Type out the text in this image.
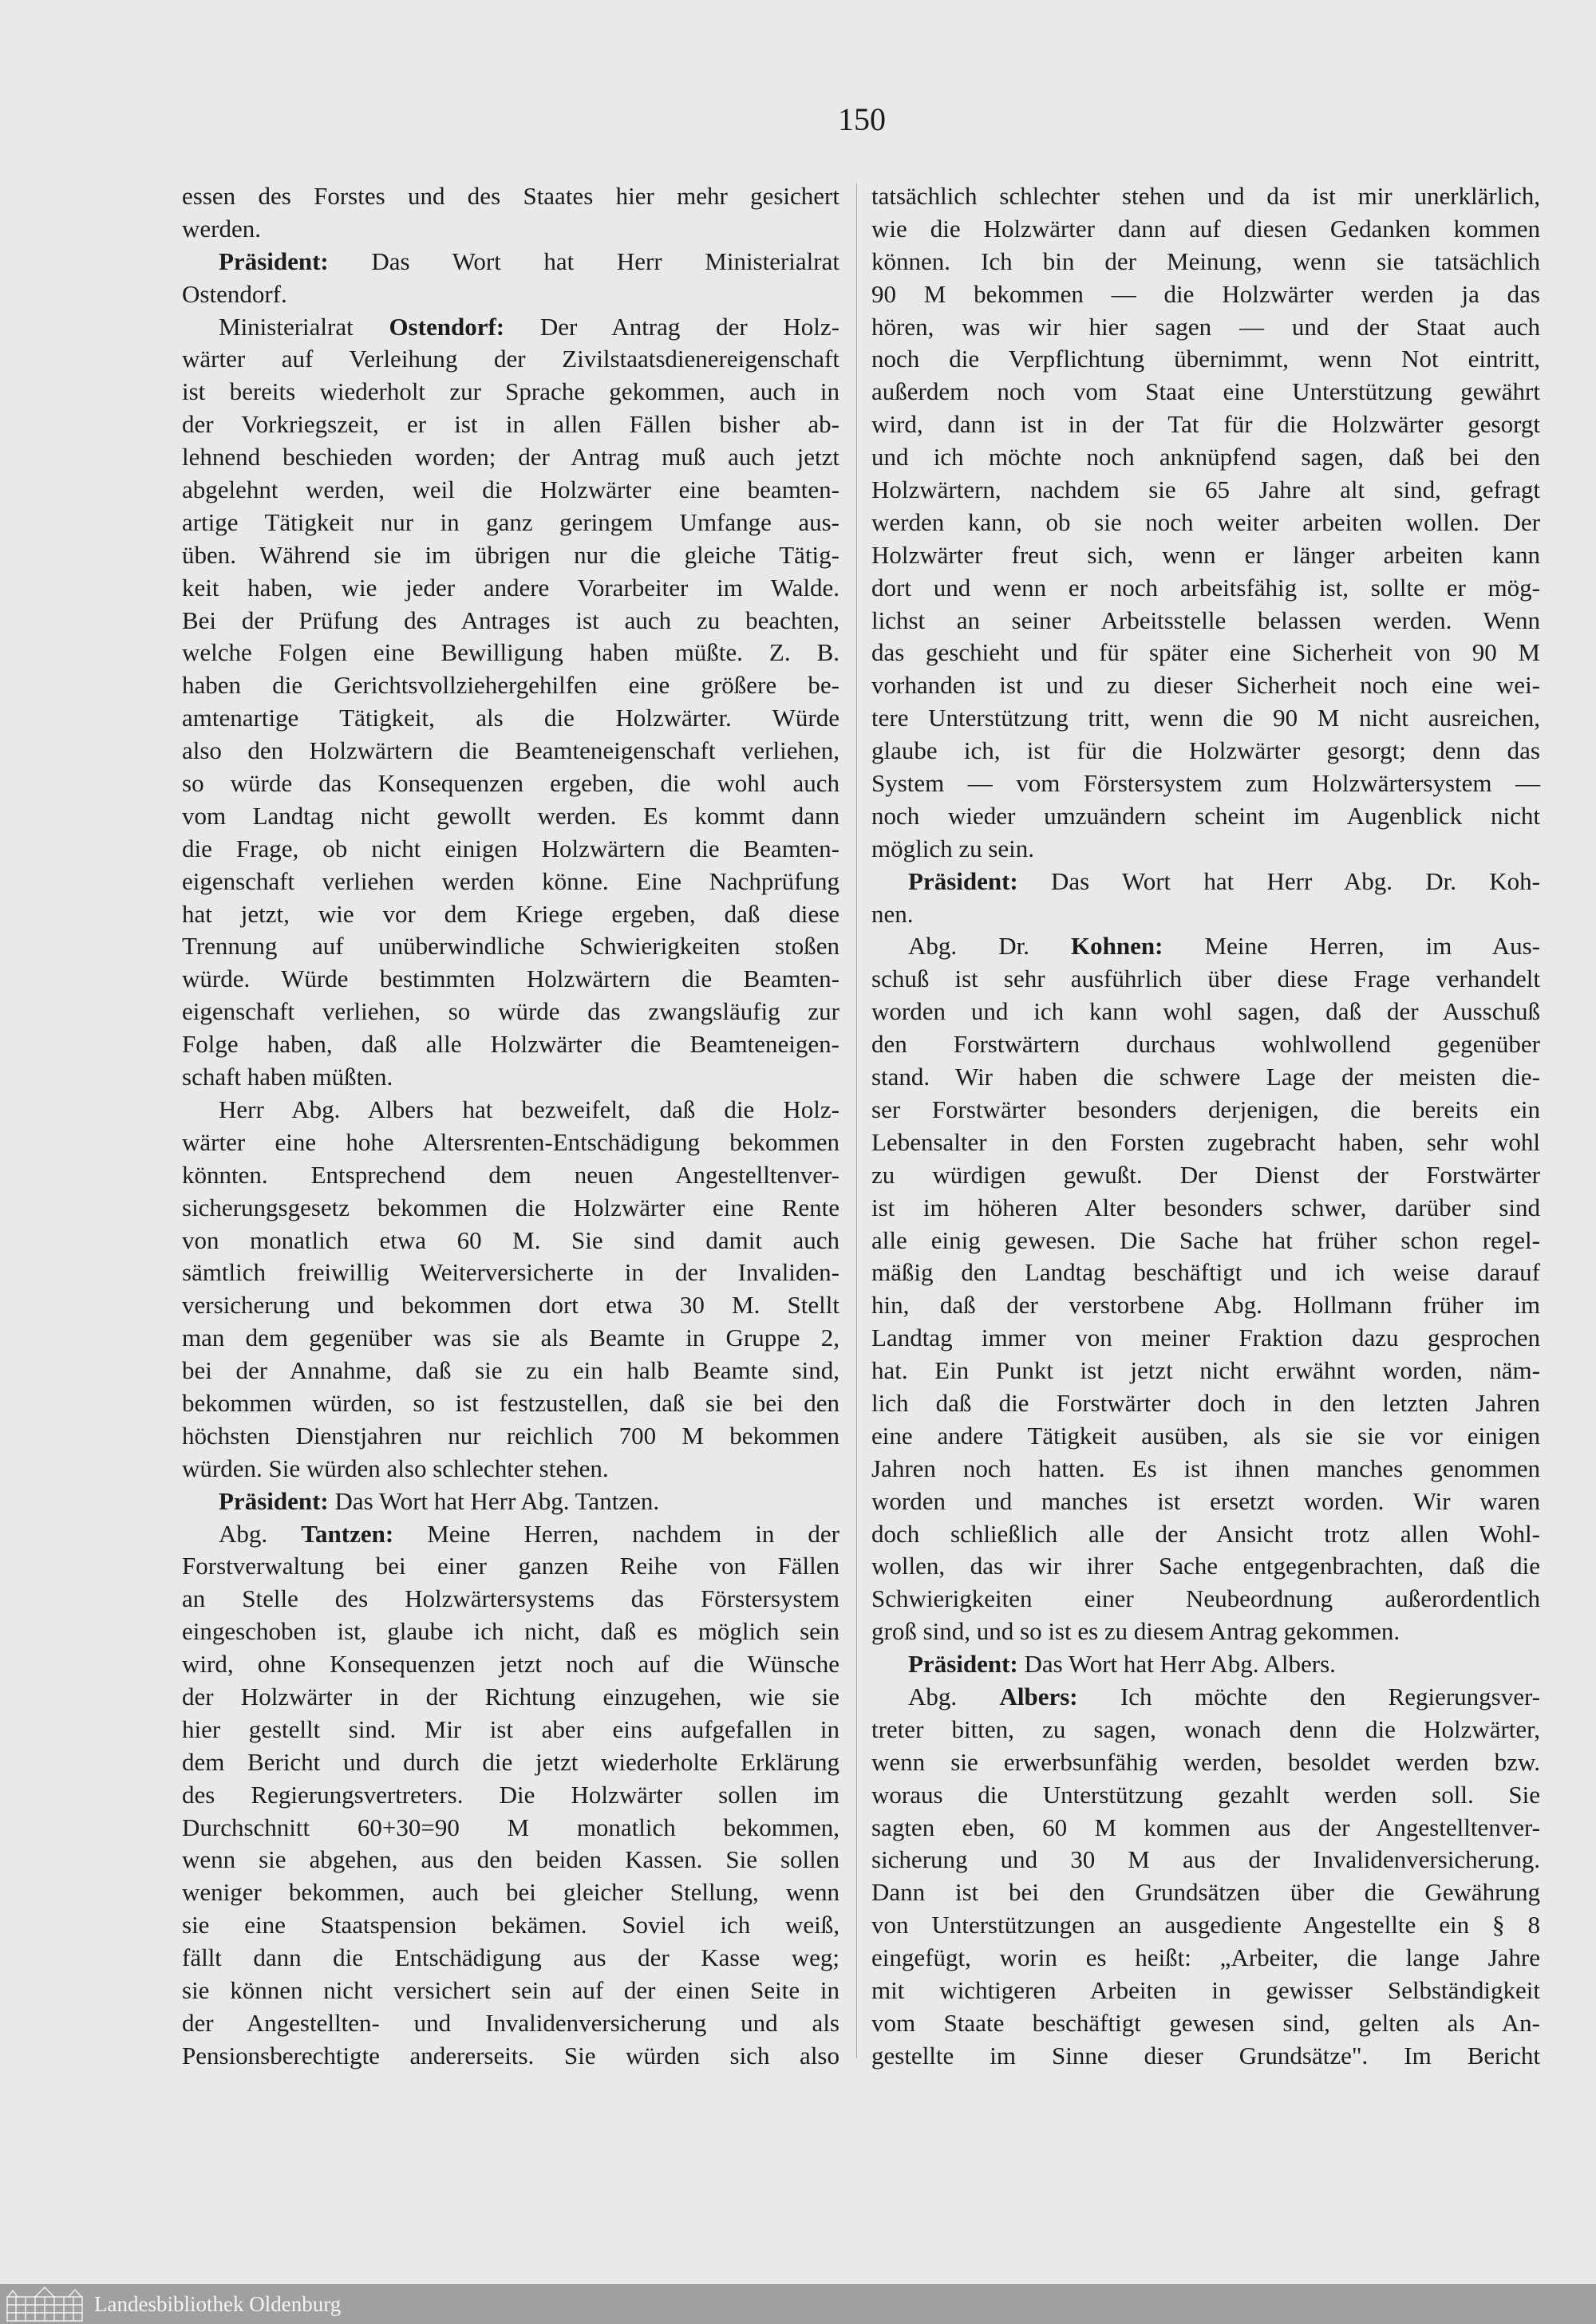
150
essen des Forstes und des Staates hier mehr gesichert
werden.
Präsident: Das Wort hat Herr Ministerialrat
Ostendorf.
Ministerialrat Ostendorf: Der Antrag der Holz-
wärter auf Verleihung der Zivilstaatsdienereigenschaft
ist bereits wiederholt zur Sprache gekommen, auch in
der Vorkriegszeit, er ist in allen Fällen bisher ab-
lehnend beschieden worden; der Antrag muß auch jetzt
abgelehnt werden, weil die Holzwärter eine beamten-
artige Tätigkeit nur in ganz geringem Umfange aus-
üben. Während sie im übrigen nur die gleiche Tätig-
keit haben, wie jeder andere Vorarbeiter im Walde.
Bei der Prüfung des Antrages ist auch zu beachten,
welche Folgen eine Bewilligung haben müßte. Z. B.
haben die Gerichtsvollziehergehilfen eine größere be-
amtenartige Tätigkeit, als die Holzwärter. Würde
also den Holzwärtern die Beamteneigenschaft verliehen,
so würde das Konsequenzen ergeben, die wohl auch
vom Landtag nicht gewollt werden. Es kommt dann
die Frage, ob nicht einigen Holzwärtern die Beamten-
eigenschaft verliehen werden könne. Eine Nachprüfung
hat jetzt, wie vor dem Kriege ergeben, daß diese
Trennung auf unüberwindliche Schwierigkeiten stoßen
würde. Würde bestimmten Holzwärtern die Beamten-
eigenschaft verliehen, so würde das zwangsläufig zur
Folge haben, daß alle Holzwärter die Beamteneigen-
schaft haben müßten.
Herr Abg. Albers hat bezweifelt, daß die Holz-
wärter eine hohe Altersrenten-Entschädigung bekommen
könnten. Entsprechend dem neuen Angestelltenver-
sicherungsgesetz bekommen die Holzwärter eine Rente
von monatlich etwa 60 M. Sie sind damit auch
sämtlich freiwillig Weiterversicherte in der Invaliden-
versicherung und bekommen dort etwa 30 M. Stellt
man dem gegenüber was sie als Beamte in Gruppe 2,
bei der Annahme, daß sie zu ein halb Beamte sind,
bekommen würden, so ist festzustellen, daß sie bei den
höchsten Dienstjahren nur reichlich 700 M bekommen
würden. Sie würden also schlechter stehen.
Präsident: Das Wort hat Herr Abg. Tantzen.
Abg. Tantzen: Meine Herren, nachdem in der
Forstverwaltung bei einer ganzen Reihe von Fällen
an Stelle des Holzwärtersystems das Förstersystem
eingeschoben ist, glaube ich nicht, daß es möglich sein
wird, ohne Konsequenzen jetzt noch auf die Wünsche
der Holzwärter in der Richtung einzugehen, wie sie
hier gestellt sind. Mir ist aber eins aufgefallen in
dem Bericht und durch die jetzt wiederholte Erklärung
des Regierungsvertreters. Die Holzwärter sollen im
Durchschnitt 60+30=90 M monatlich bekommen,
wenn sie abgehen, aus den beiden Kassen. Sie sollen
weniger bekommen, auch bei gleicher Stellung, wenn
sie eine Staatspension bekämen. Soviel ich weiß,
fällt dann die Entschädigung aus der Kasse weg;
sie können nicht versichert sein auf der einen Seite in
der Angestellten- und Invalidenversicherung und als
Pensionsberechtigte andererseits. Sie würden sich also
tatsächlich schlechter stehen und da ist mir unerklärlich,
wie die Holzwärter dann auf diesen Gedanken kommen
können. Ich bin der Meinung, wenn sie tatsächlich
90 M bekommen — die Holzwärter werden ja das
hören, was wir hier sagen — und der Staat auch
noch die Verpflichtung übernimmt, wenn Not eintritt,
außerdem noch vom Staat eine Unterstützung gewährt
wird, dann ist in der Tat für die Holzwärter gesorgt
und ich möchte noch anknüpfend sagen, daß bei den
Holzwärtern, nachdem sie 65 Jahre alt sind, gefragt
werden kann, ob sie noch weiter arbeiten wollen. Der
Holzwärter freut sich, wenn er länger arbeiten kann
dort und wenn er noch arbeitsfähig ist, sollte er mög-
lichst an seiner Arbeitsstelle belassen werden. Wenn
das geschieht und für später eine Sicherheit von 90 M
vorhanden ist und zu dieser Sicherheit noch eine wei-
tere Unterstützung tritt, wenn die 90 M nicht ausreichen,
glaube ich, ist für die Holzwärter gesorgt; denn das
System — vom Förstersystem zum Holzwärtersystem —
noch wieder umzuändern scheint im Augenblick nicht
möglich zu sein.
Präsident: Das Wort hat Herr Abg. Dr. Koh-
nen.
Abg. Dr. Kohnen: Meine Herren, im Aus-
schuß ist sehr ausführlich über diese Frage verhandelt
worden und ich kann wohl sagen, daß der Ausschuß
den Forstwärtern durchaus wohlwollend gegenüber
stand. Wir haben die schwere Lage der meisten die-
ser Forstwärter besonders derjenigen, die bereits ein
Lebensalter in den Forsten zugebracht haben, sehr wohl
zu würdigen gewußt. Der Dienst der Forstwärter
ist im höheren Alter besonders schwer, darüber sind
alle einig gewesen. Die Sache hat früher schon regel-
mäßig den Landtag beschäftigt und ich weise darauf
hin, daß der verstorbene Abg. Hollmann früher im
Landtag immer von meiner Fraktion dazu gesprochen
hat. Ein Punkt ist jetzt nicht erwähnt worden, näm-
lich daß die Forstwärter doch in den letzten Jahren
eine andere Tätigkeit ausüben, als sie sie vor einigen
Jahren noch hatten. Es ist ihnen manches genommen
worden und manches ist ersetzt worden. Wir waren
doch schließlich alle der Ansicht trotz allen Wohl-
wollen, das wir ihrer Sache entgegenbrachten, daß die
Schwierigkeiten einer Neubeordnung außerordentlich
groß sind, und so ist es zu diesem Antrag gekommen.
Präsident: Das Wort hat Herr Abg. Albers.
Abg. Albers: Ich möchte den Regierungsver-
treter bitten, zu sagen, wonach denn die Holzwärter,
wenn sie erwerbsunfähig werden, besoldet werden bzw.
woraus die Unterstützung gezahlt werden soll. Sie
sagten eben, 60 M kommen aus der Angestelltenver-
sicherung und 30 M aus der Invalidenversicherung.
Dann ist bei den Grundsätzen über die Gewährung
von Unterstützungen an ausgediente Angestellte ein § 8
eingefügt, worin es heißt: „Arbeiter, die lange Jahre
mit wichtigeren Arbeiten in gewisser Selbständigkeit
vom Staate beschäftigt gewesen sind, gelten als An-
gestellte im Sinne dieser Grundsätze". Im Bericht
Landesbibliothek Oldenburg
